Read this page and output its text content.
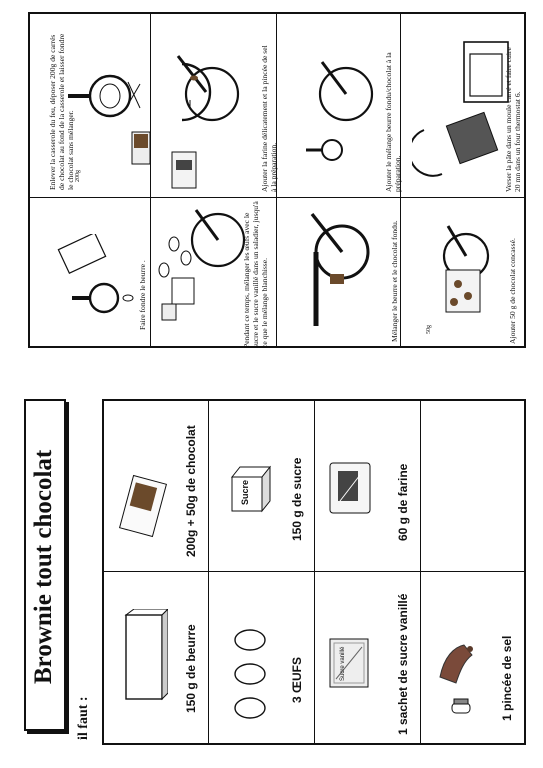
200g
Enlever la casserole du feu, déposer 200g de carrés de chocolat au fond de la casserole et laisser fondre le chocolat sans mélanger.
Faire fondre le beurre .
Ajouter la farine délicatement et la pincée de sel à la préparation.
Pendant ce temps, mélanger les œufs avec le sucre et le sucre vanillé dans un saladier, jusqu'à ce que le mélange blanchisse.
Ajouter le mélange beurre fondu/chocolat à la préparation.
Mélanger le beurre et le chocolat fondu.
Verser la pâte dans un moule carré et faire cuire 20 mn dans un four thermostat 6.
50g	Ajouter 50 g de chocolat concassé.
Brownie tout chocolat
il faut :
150 g de beurre
200g + 50g de chocolat
3 ŒUFS
Sucre	150 g de sucre
Sucre vanillé	1 sachet de sucre vanillé
60 g de farine
1 pincée de sel
